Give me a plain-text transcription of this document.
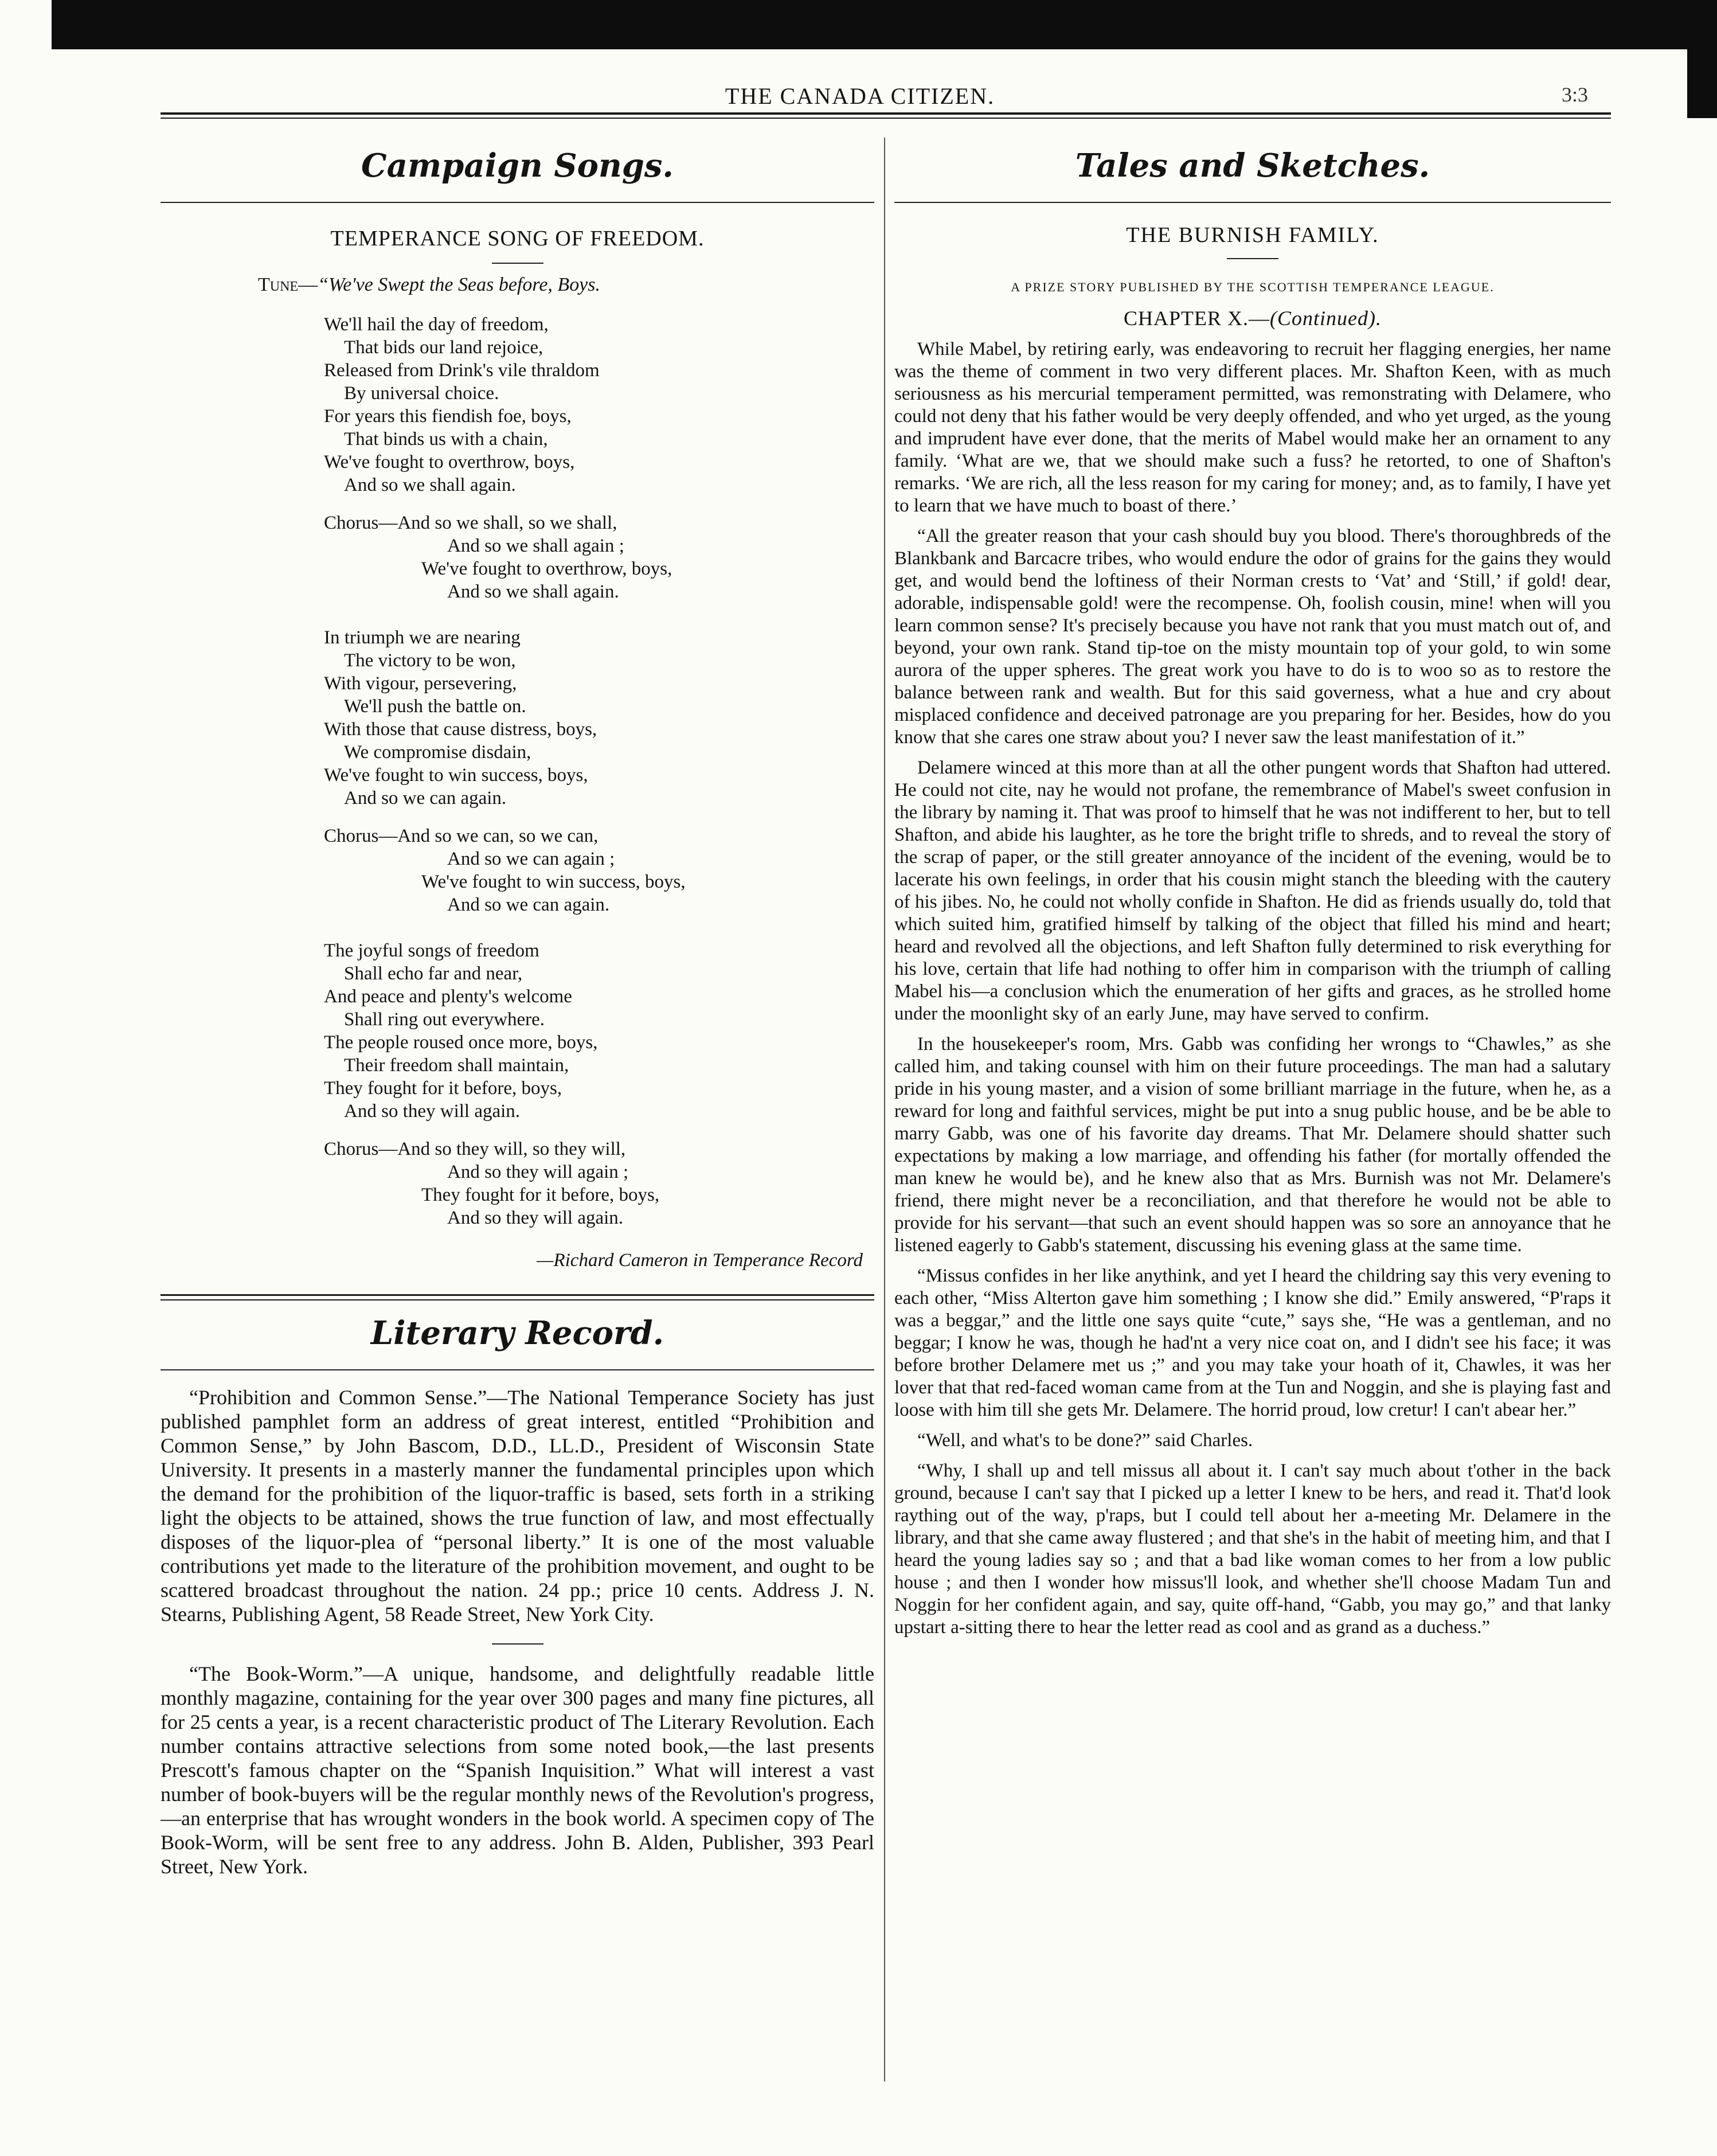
THE CANADA CITIZEN.	3:3
Campaign Songs.
TEMPERANCE SONG OF FREEDOM.
Tune—“We've Swept the Seas before, Boys.
We'll hail the day of freedom,
That bids our land rejoice,
Released from Drink's vile thraldom
By universal choice.
For years this fiendish foe, boys,
That binds us with a chain,
We've fought to overthrow, boys,
And so we shall again.
Chorus—And so we shall, so we shall,
And so we shall again ;
We've fought to overthrow, boys,
And so we shall again.
In triumph we are nearing
The victory to be won,
With vigour, persevering,
We'll push the battle on.
With those that cause distress, boys,
We compromise disdain,
We've fought to win success, boys,
And so we can again.
Chorus—And so we can, so we can,
And so we can again ;
We've fought to win success, boys,
And so we can again.
The joyful songs of freedom
Shall echo far and near,
And peace and plenty's welcome
Shall ring out everywhere.
The people roused once more, boys,
Their freedom shall maintain,
They fought for it before, boys,
And so they will again.
Chorus—And so they will, so they will,
And so they will again ;
They fought for it before, boys,
And so they will again.
—Richard Cameron in Temperance Record
Literary Record.

“Prohibition and Common Sense.”—The National Temperance Society has just published pamphlet form an address of great interest, entitled “Prohibition and Common Sense,” by John Bascom, D.D., LL.D., President of Wisconsin State University. It presents in a masterly manner the fundamental principles upon which the demand for the prohibition of the liquor-traffic is based, sets forth in a striking light the objects to be attained, shows the true function of law, and most effectually disposes of the liquor-plea of “personal liberty.” It is one of the most valuable contributions yet made to the literature of the prohibition movement, and ought to be scattered broadcast throughout the nation. 24 pp.; price 10 cents. Address J. N. Stearns, Publishing Agent, 58 Reade Street, New York City.

“The Book-Worm.”—A unique, handsome, and delightfully readable little monthly magazine, containing for the year over 300 pages and many fine pictures, all for 25 cents a year, is a recent characteristic product of The Literary Revolution. Each number contains attractive selections from some noted book,—the last presents Prescott's famous chapter on the “Spanish Inquisition.” What will interest a vast number of book-buyers will be the regular monthly news of the Revolution's progress,—an enterprise that has wrought wonders in the book world. A specimen copy of The Book-Worm, will be sent free to any address. John B. Alden, Publisher, 393 Pearl Street, New York.

Tales and Sketches.
THE BURNISH FAMILY.
A PRIZE STORY PUBLISHED BY THE SCOTTISH TEMPERANCE LEAGUE.
CHAPTER X.—(Continued).

While Mabel, by retiring early, was endeavoring to recruit her flagging energies, her name was the theme of comment in two very different places. Mr. Shafton Keen, with as much seriousness as his mercurial temperament permitted, was remonstrating with Delamere, who could not deny that his father would be very deeply offended, and who yet urged, as the young and imprudent have ever done, that the merits of Mabel would make her an ornament to any family. ‘What are we, that we should make such a fuss? he retorted, to one of Shafton's remarks. ‘We are rich, all the less reason for my caring for money; and, as to family, I have yet to learn that we have much to boast of there.’

“All the greater reason that your cash should buy you blood. There's thoroughbreds of the Blankbank and Barcacre tribes, who would endure the odor of grains for the gains they would get, and would bend the loftiness of their Norman crests to ‘Vat’ and ‘Still,’ if gold! dear, adorable, indispensable gold! were the recompense. Oh, foolish cousin, mine! when will you learn common sense? It's precisely because you have not rank that you must match out of, and beyond, your own rank. Stand tip-toe on the misty mountain top of your gold, to win some aurora of the upper spheres. The great work you have to do is to woo so as to restore the balance between rank and wealth. But for this said governess, what a hue and cry about misplaced confidence and deceived patronage are you preparing for her. Besides, how do you know that she cares one straw about you? I never saw the least manifestation of it.”

Delamere winced at this more than at all the other pungent words that Shafton had uttered. He could not cite, nay he would not profane, the remembrance of Mabel's sweet confusion in the library by naming it. That was proof to himself that he was not indifferent to her, but to tell Shafton, and abide his laughter, as he tore the bright trifle to shreds, and to reveal the story of the scrap of paper, or the still greater annoyance of the incident of the evening, would be to lacerate his own feelings, in order that his cousin might stanch the bleeding with the cautery of his jibes. No, he could not wholly confide in Shafton. He did as friends usually do, told that which suited him, gratified himself by talking of the object that filled his mind and heart; heard and revolved all the objections, and left Shafton fully determined to risk everything for his love, certain that life had nothing to offer him in comparison with the triumph of calling Mabel his—a conclusion which the enumeration of her gifts and graces, as he strolled home under the moonlight sky of an early June, may have served to confirm.

In the housekeeper's room, Mrs. Gabb was confiding her wrongs to “Chawles,” as she called him, and taking counsel with him on their future proceedings. The man had a salutary pride in his young master, and a vision of some brilliant marriage in the future, when he, as a reward for long and faithful services, might be put into a snug public house, and be be able to marry Gabb, was one of his favorite day dreams. That Mr. Delamere should shatter such expectations by making a low marriage, and offending his father (for mortally offended the man knew he would be), and he knew also that as Mrs. Burnish was not Mr. Delamere's friend, there might never be a reconciliation, and that therefore he would not be able to provide for his servant—that such an event should happen was so sore an annoyance that he listened eagerly to Gabb's statement, discussing his evening glass at the same time.

“Missus confides in her like anythink, and yet I heard the childring say this very evening to each other, “Miss Alterton gave him something ; I know she did.” Emily answered, “P'raps it was a beggar,” and the little one says quite “cute,” says she, “He was a gentleman, and no beggar; I know he was, though he had'nt a very nice coat on, and I didn't see his face; it was before brother Delamere met us ;” and you may take your hoath of it, Chawles, it was her lover that that red-faced woman came from at the Tun and Noggin, and she is playing fast and loose with him till she gets Mr. Delamere. The horrid proud, low cretur! I can't abear her.”

“Well, and what's to be done?” said Charles.

“Why, I shall up and tell missus all about it. I can't say much about t'other in the back ground, because I can't say that I picked up a letter I knew to be hers, and read it. That'd look raything out of the way, p'raps, but I could tell about her a-meeting Mr. Delamere in the library, and that she came away flustered ; and that she's in the habit of meeting him, and that I heard the young ladies say so ; and that a bad like woman comes to her from a low public house ; and then I wonder how missus'll look, and whether she'll choose Madam Tun and Noggin for her confident again, and say, quite off-hand, “Gabb, you may go,” and that lanky upstart a-sitting there to hear the letter read as cool and as grand as a duchess.”
